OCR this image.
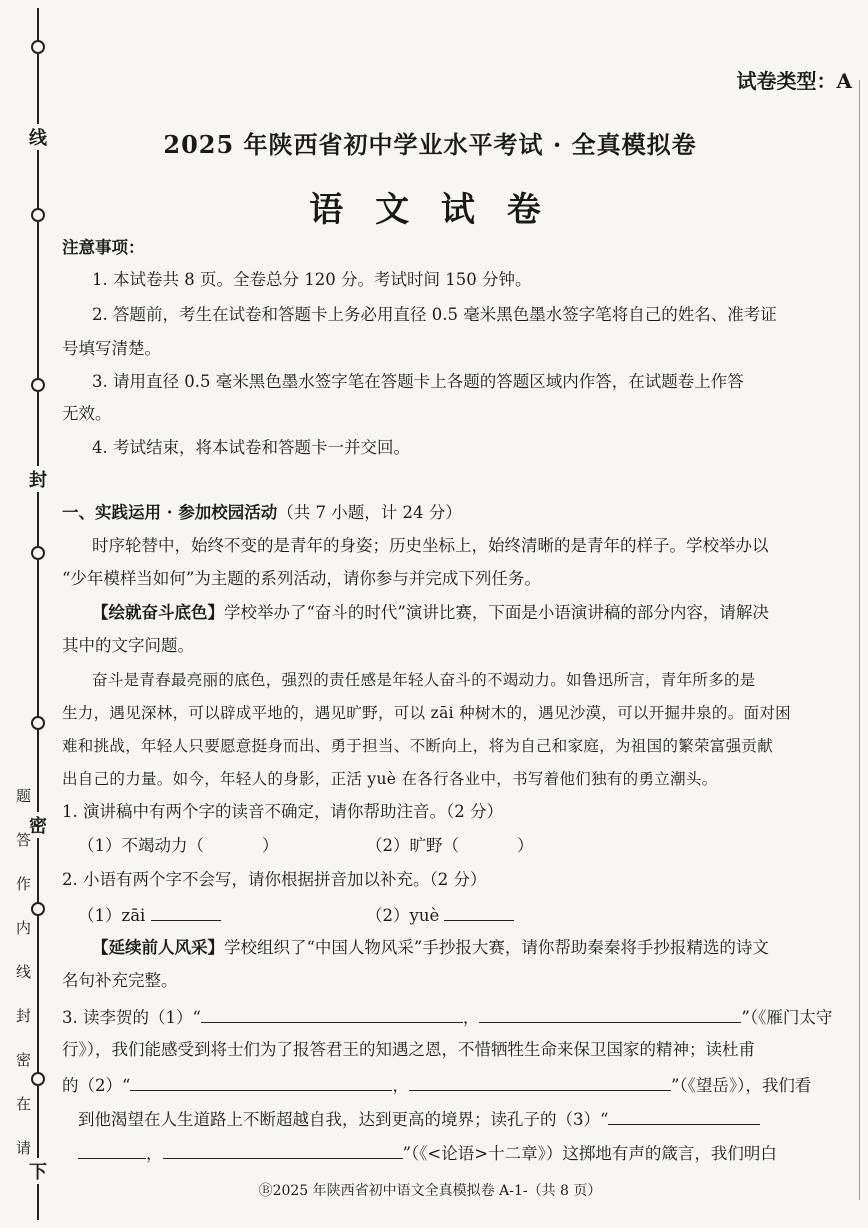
线
封
密
下
题
答
作
内
线
封
密
在
请
试卷类型：A
2025 年陕西省初中学业水平考试 · 全真模拟卷
语 文 试 卷
注意事项：
1. 本试卷共 8 页。全卷总分 120 分。考试时间 150 分钟。
2. 答题前，考生在试卷和答题卡上务必用直径 0.5 毫米黑色墨水签字笔将自己的姓名、准考证
号填写清楚。
3. 请用直径 0.5 毫米黑色墨水签字笔在答题卡上各题的答题区域内作答，在试题卷上作答
无效。
4. 考试结束，将本试卷和答题卡一并交回。
一、实践运用 · 参加校园活动（共 7 小题，计 24 分）
时序轮替中，始终不变的是青年的身姿；历史坐标上，始终清晰的是青年的样子。学校举办以
“少年模样当如何”为主题的系列活动，请你参与并完成下列任务。
【绘就奋斗底色】学校举办了“奋斗的时代”演讲比赛，下面是小语演讲稿的部分内容，请解决
其中的文字问题。
奋斗是青春最亮丽的底色，强烈的责任感是年轻人奋斗的不竭动力。如鲁迅所言，青年所多的是
生力，遇见深林，可以辟成平地的，遇见旷野，可以 zāi 种树木的，遇见沙漠，可以开掘井泉的。面对困
难和挑战，年轻人只要愿意挺身而出、勇于担当、不断向上，将为自己和家庭，为祖国的繁荣富强贡献
出自己的力量。如今，年轻人的身影，正活 yuè 在各行各业中，书写着他们独有的勇立潮头。
1. 演讲稿中有两个字的读音不确定，请你帮助注音。（2 分）
（1）不竭动力（	）	（2）旷野（	）
2. 小语有两个字不会写，请你根据拼音加以补充。（2 分）
（1）zāi	（2）yuè
【延续前人风采】学校组织了“中国人物风采”手抄报大赛，请你帮助秦秦将手抄报精选的诗文
名句补充完整。
3. 读李贺的（1）“	，	”（《雁门太守
行》），我们能感受到将士们为了报答君王的知遇之恩，不惜牺牲生命来保卫国家的精神；读杜甫
的（2）“	，	”（《望岳》），我们看
到他渴望在人生道路上不断超越自我，达到更高的境界；读孔子的（3）“
，	”（《<论语>十二章》）这掷地有声的箴言，我们明白
Ⓑ2025 年陕西省初中语文全真模拟卷 A-1-（共 8 页）
